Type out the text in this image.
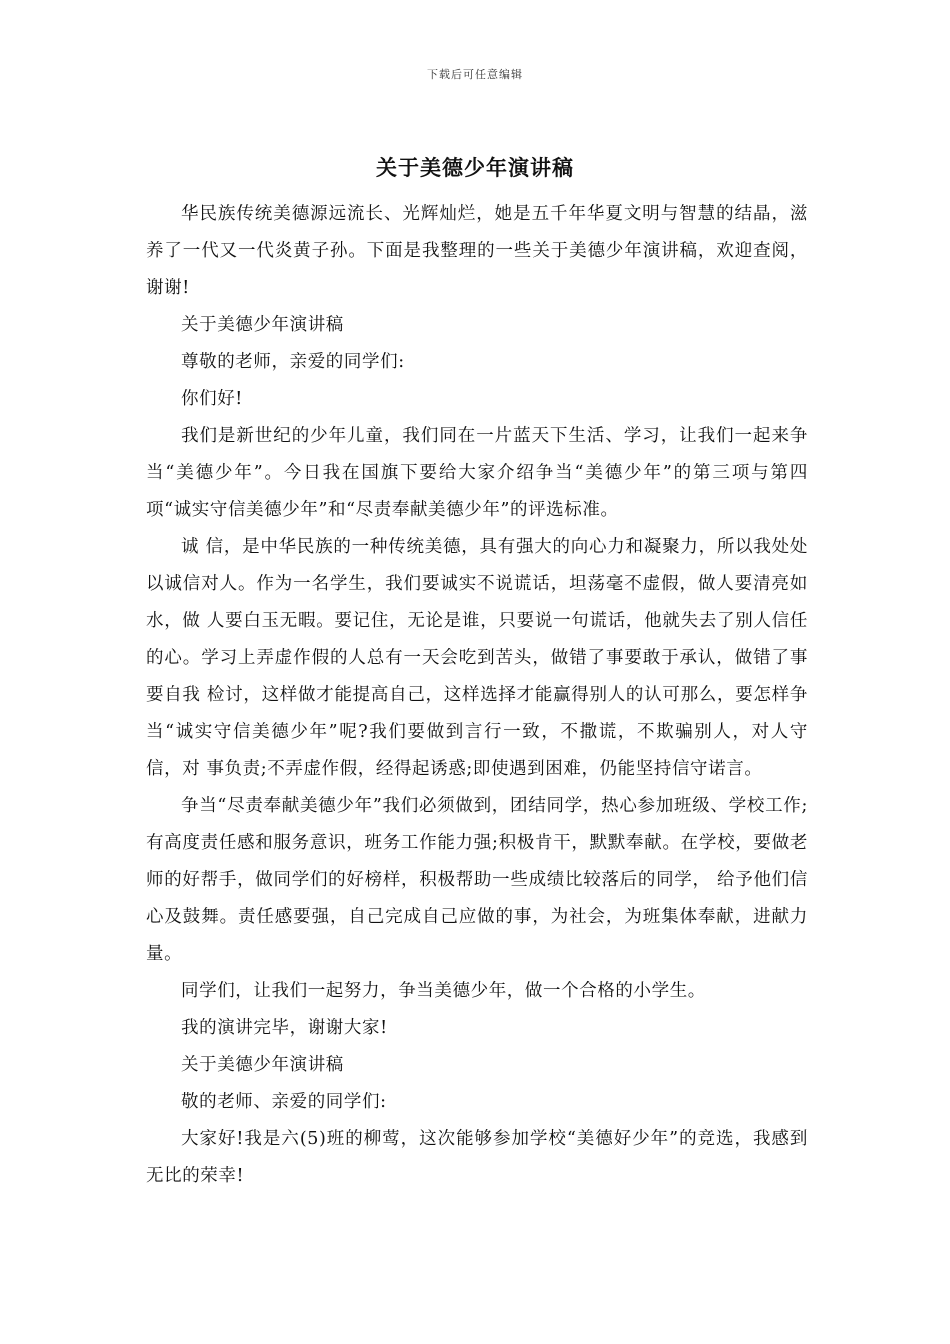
下载后可任意编辑
关于美德少年演讲稿

华民族传统美德源远流长、光辉灿烂，她是五千年华夏文明与智慧的结晶，滋养了一代又一代炎黄子孙。下面是我整理的一些关于美德少年演讲稿，欢迎查阅，谢谢!

关于美德少年演讲稿

尊敬的老师，亲爱的同学们:

你们好!

我们是新世纪的少年儿童，我们同在一片蓝天下生活、学习，让我们一起来争当“美德少年”。今日我在国旗下要给大家介绍争当“美德少年”的第三项与第四项“诚实守信美德少年”和“尽责奉献美德少年”的评选标准。

诚 信，是中华民族的一种传统美德，具有强大的向心力和凝聚力，所以我处处以诚信对人。作为一名学生，我们要诚实不说谎话，坦荡毫不虚假，做人要清亮如水，做 人要白玉无暇。要记住，无论是谁，只要说一句谎话，他就失去了别人信任的心。学习上弄虚作假的人总有一天会吃到苦头，做错了事要敢于承认，做错了事要自我 检讨，这样做才能提高自己，这样选择才能赢得别人的认可那么，要怎样争当“诚实守信美德少年”呢?我们要做到言行一致，不撒谎，不欺骗别人，对人守信，对 事负责;不弄虚作假，经得起诱惑;即使遇到困难，仍能坚持信守诺言。

争当“尽责奉献美德少年”我们必须做到，团结同学，热心参加班级、学校工作;有高度责任感和服务意识，班务工作能力强;积极肯干，默默奉献。在学校，要做老师的好帮手，做同学们的好榜样，积极帮助一些成绩比较落后的同学， 给予他们信心及鼓舞。责任感要强，自己完成自己应做的事，为社会，为班集体奉献，进献力量。

同学们，让我们一起努力，争当美德少年，做一个合格的小学生。

我的演讲完毕，谢谢大家!

关于美德少年演讲稿

敬的老师、亲爱的同学们:

大家好!我是六(5)班的柳莺，这次能够参加学校“美德好少年”的竞选，我感到无比的荣幸!
